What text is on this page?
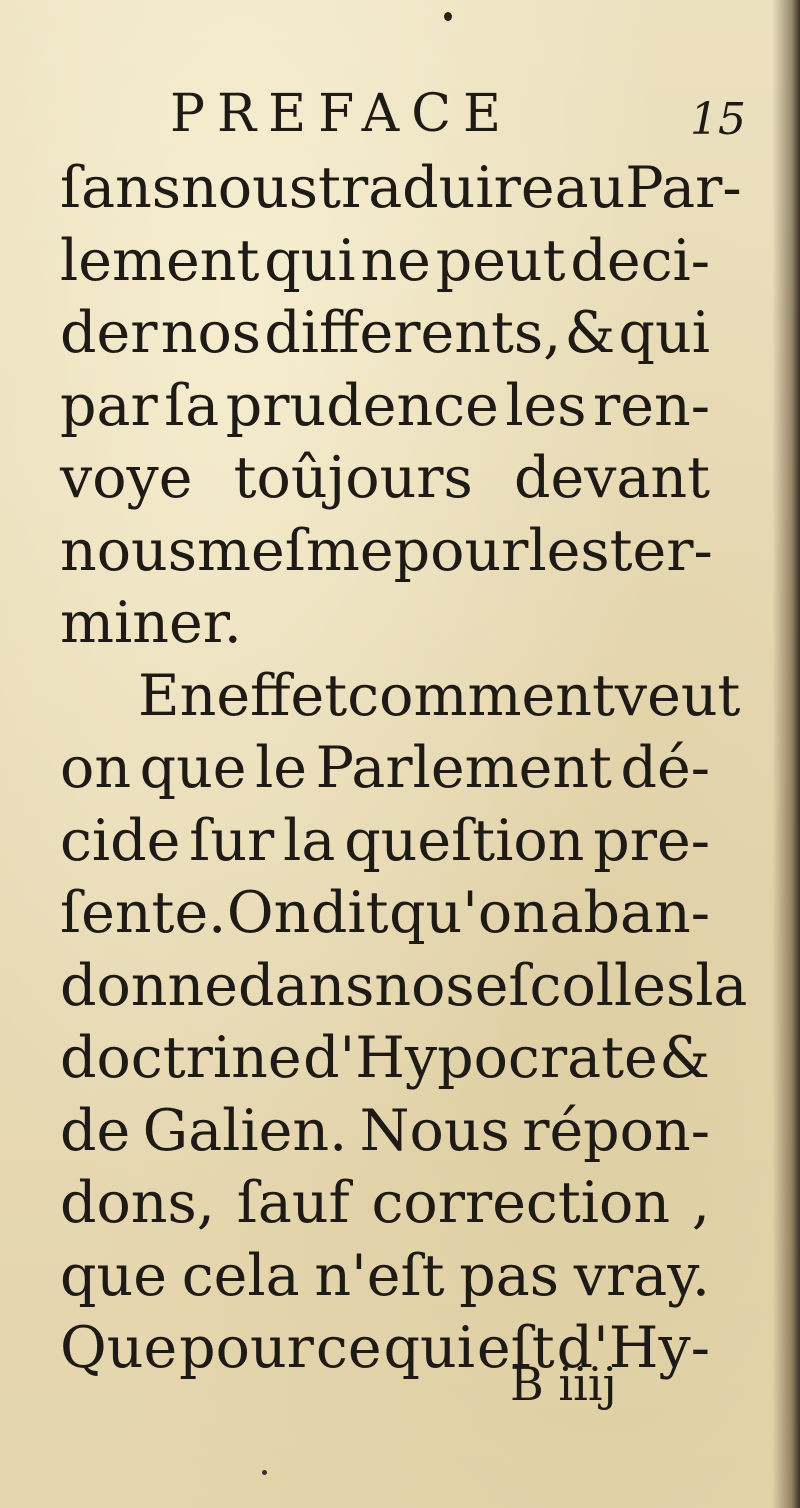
PREFACE	15
ſans nous traduire au Par-
lement qui ne peut deci-
der nos differents, & qui
par ſa prudence les ren-
voye toûjours devant
nous meſme pour les ter-
miner.
En effet comment veut
on que le Parlement dé-
cide ſur la queſtion pre-
ſente. On dit qu'on aban-
donne dans nos eſcolles la
doctrine d'Hypocrate &
de Galien. Nous répon-
dons, ſauf correction ,
que cela n'eſt pas vray.
Que pour ce qui eſt d'Hy-
B iiij
